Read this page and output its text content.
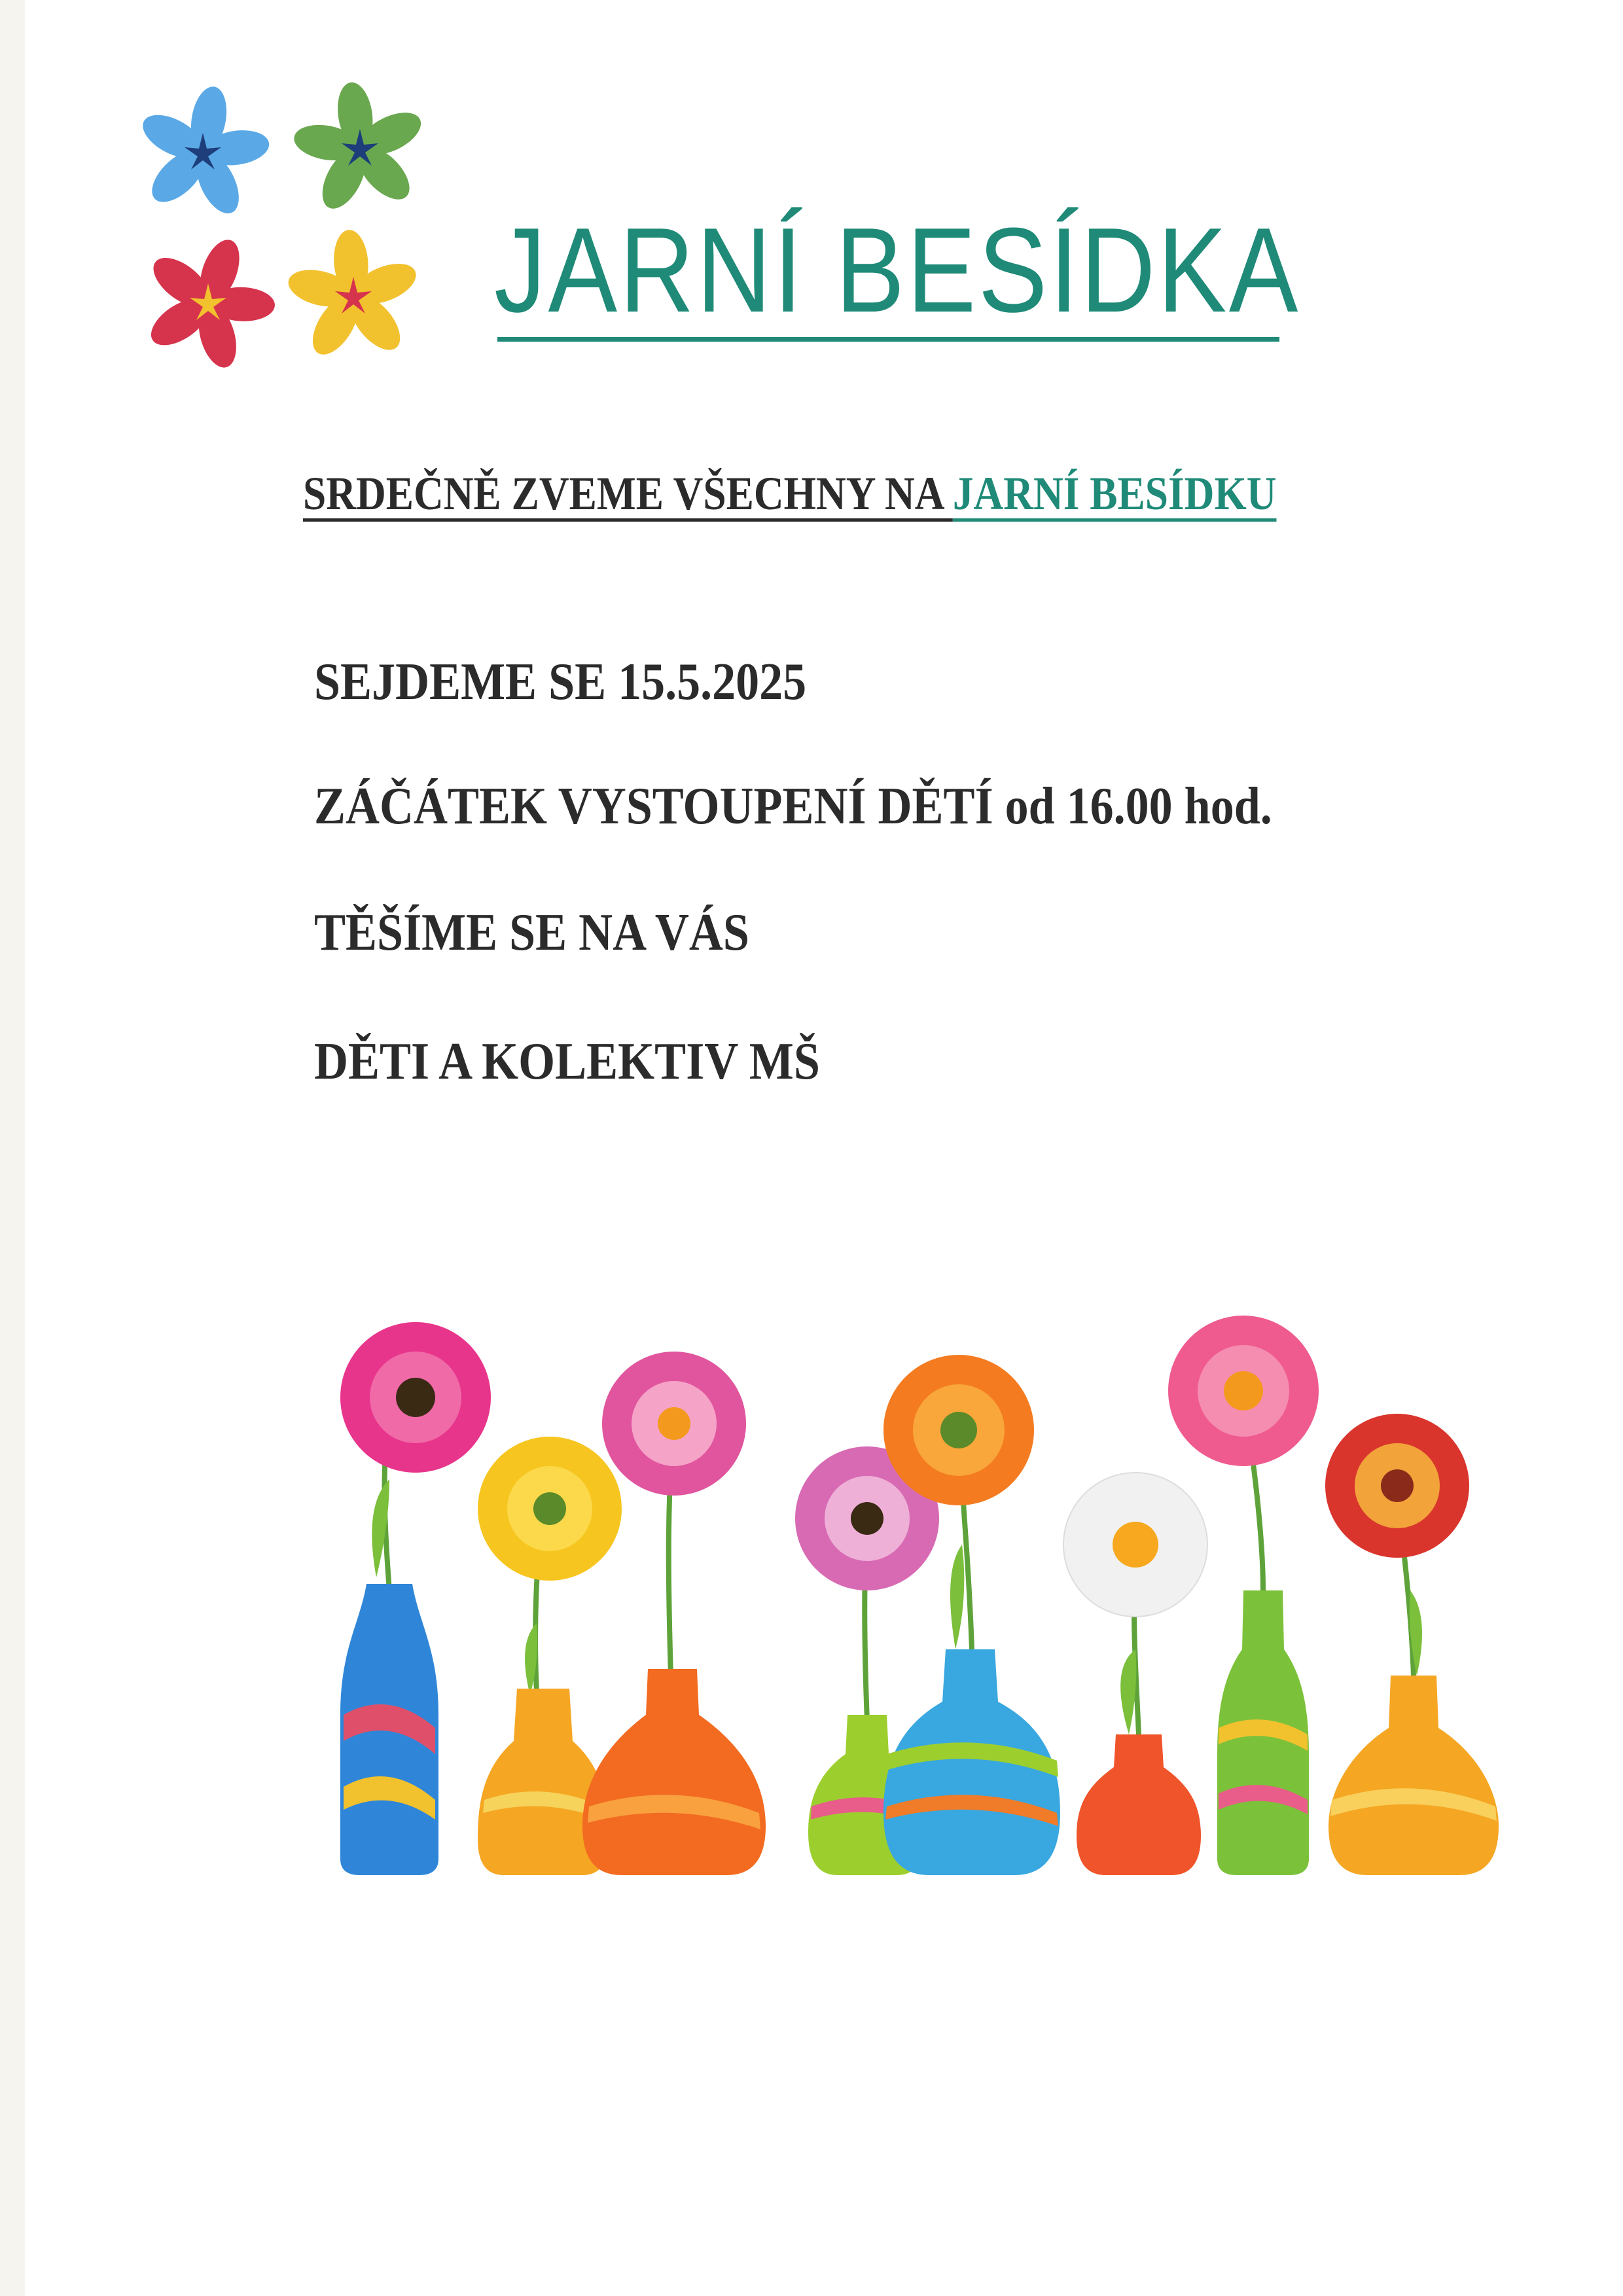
JARNÍ BESÍDKA
SRDEČNĚ ZVEME VŠECHNY NA JARNÍ BESÍDKU
SEJDEME SE 15.5.2025
ZÁČÁTEK VYSTOUPENÍ DĚTÍ od 16.00 hod.
TĚŠÍME SE NA VÁS
DĚTI A KOLEKTIV MŠ
